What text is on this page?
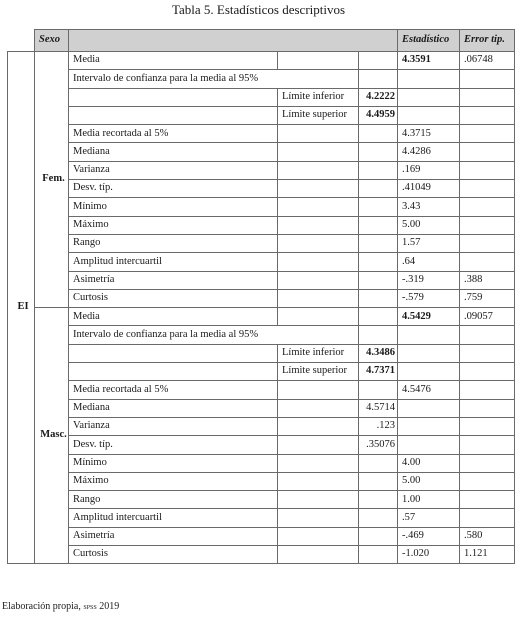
Tabla 5. Estadísticos descriptivos
	Sexo				Estadístico	Error tip.
EI	Fem.	Media			4.3591	.06748
		Intervalo de confianza para la media al 95%				
			Límite inferior	4.2222		
			Límite superior	4.4959		
		Media recortada al 5%			4.3715	
		Mediana			4.4286	
		Varianza			.169	
		Desv. típ.			.41049	
		Mínimo			3.43	
		Máximo			5.00	
		Rango			1.57	
		Amplitud intercuartil			.64	
		Asimetría			-.319	.388
		Curtosis			-.579	.759
	Masc.	Media			4.5429	.09057
		Intervalo de confianza para la media al 95%				
			Límite inferior	4.3486		
			Límite superior	4.7371		
		Media recortada al 5%			4.5476	
		Mediana		4.5714		
		Varianza		.123		
		Desv. típ.		.35076		
		Mínimo			4.00	
		Máximo			5.00	
		Rango			1.00	
		Amplitud intercuartil			.57	
		Asimetría			-.469	.580
		Curtosis			-1.020	1.121
Elaboración propia, spss 2019
